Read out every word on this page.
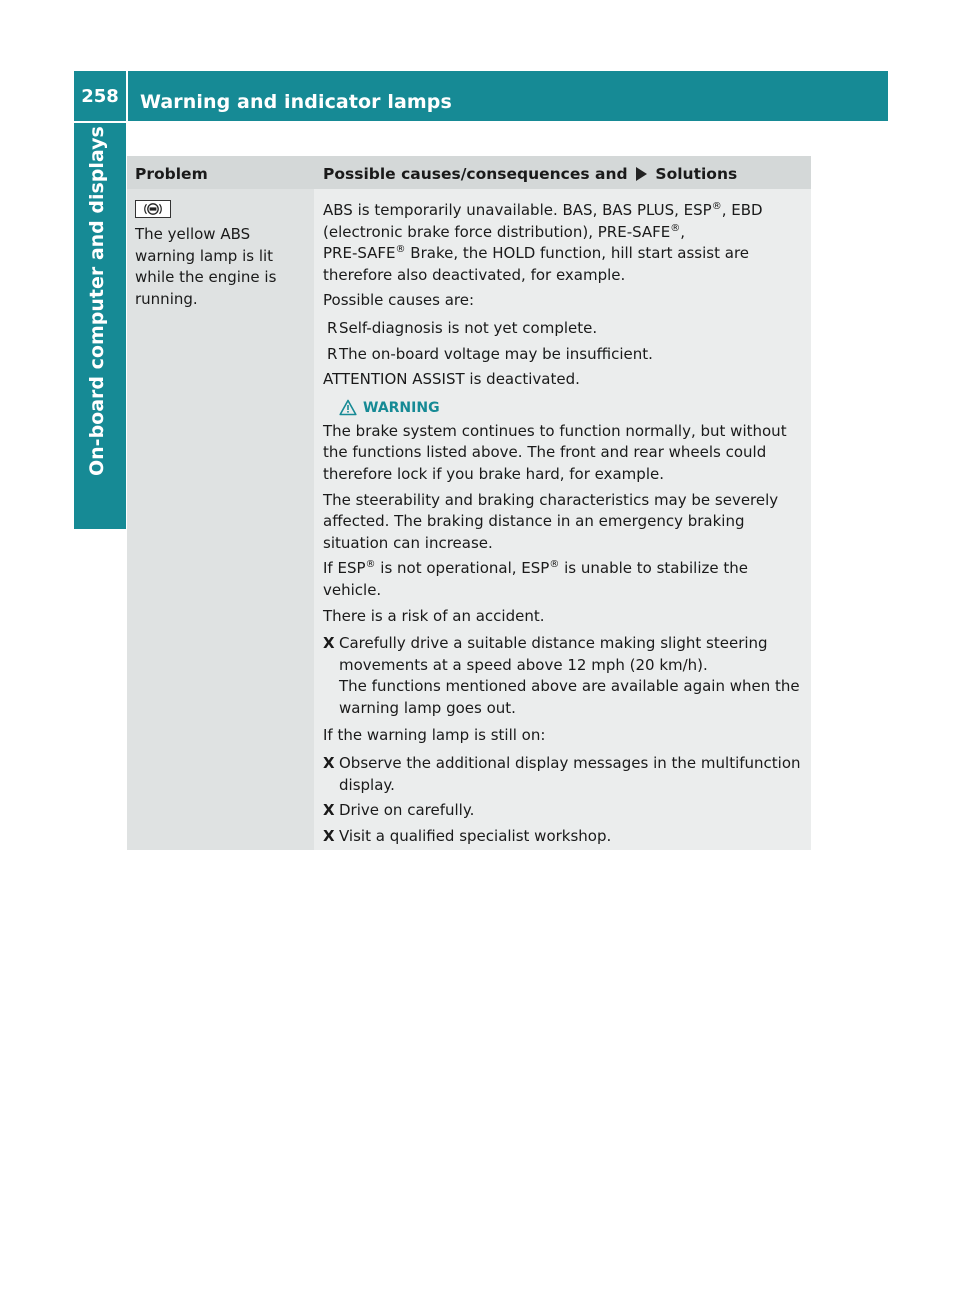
258	Warning and indicator lamps
Problem	Possible causes/consequences and Solutions
The yellow ABS warning lamp is lit while the engine is running.

ABS is temporarily unavailable. BAS, BAS PLUS, ESP®, EBD (electronic brake force distribution), PRE-SAFE®,
PRE-SAFE® Brake, the HOLD function, hill start assist are therefore also deactivated, for example.

Possible causes are:

R Self-diagnosis is not yet complete.

R The on-board voltage may be insufficient.

ATTENTION ASSIST is deactivated.

WARNING

The brake system continues to function normally, but without the functions listed above. The front and rear wheels could therefore lock if you brake hard, for example.

The steerability and braking characteristics may be severely affected. The braking distance in an emergency braking situation can increase.

If ESP® is not operational, ESP® is unable to stabilize the vehicle.

There is a risk of an accident.

X Carefully drive a suitable distance making slight steering movements at a speed above 12 mph (20 km/h).

The functions mentioned above are available again when the warning lamp goes out.

If the warning lamp is still on:

X Observe the additional display messages in the multifunction display.

X Drive on carefully.

X Visit a qualified specialist workshop.
